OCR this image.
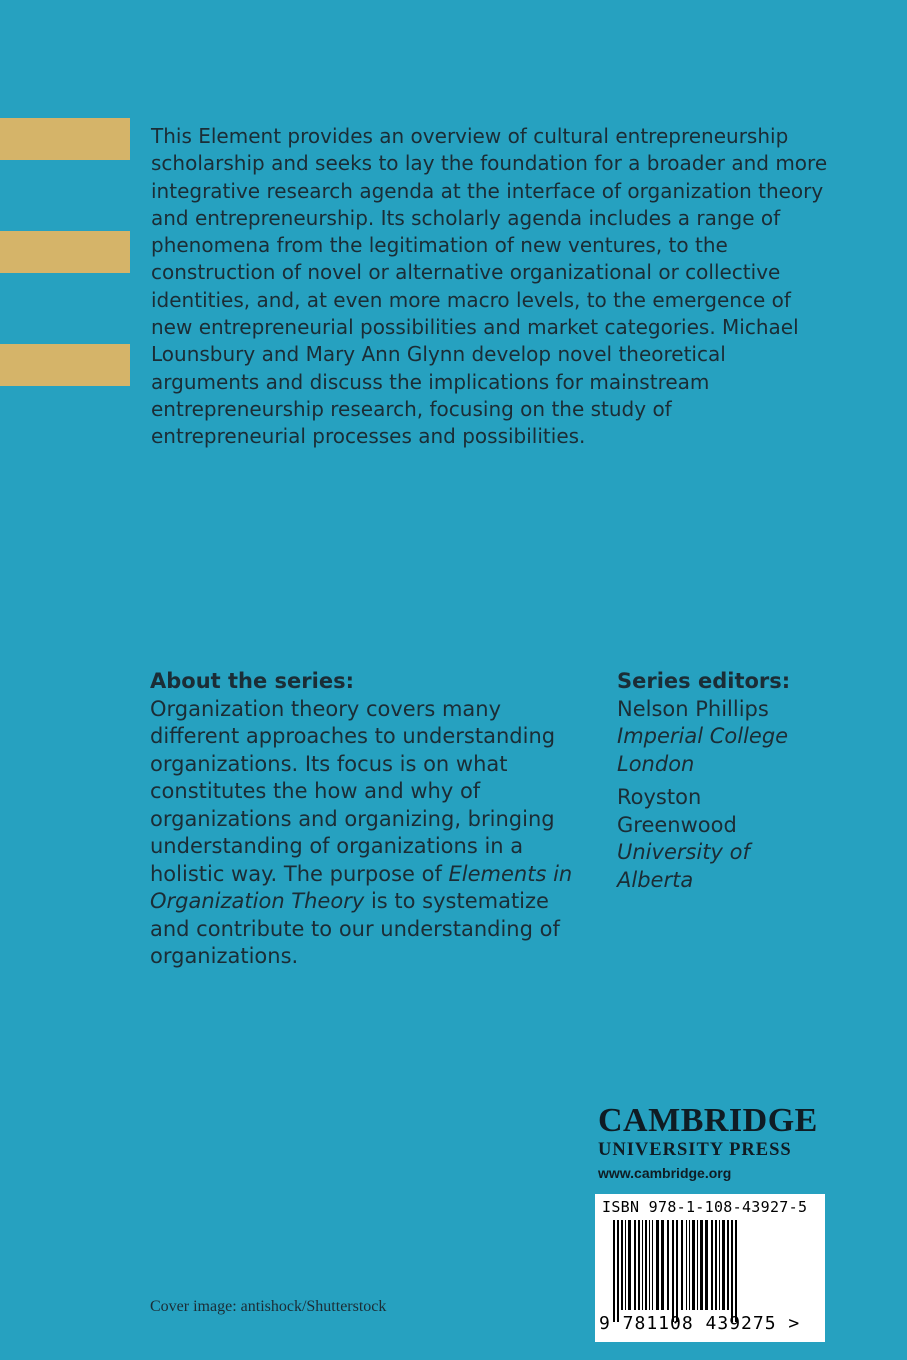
This Element provides an overview of cultural entrepreneurship scholarship and seeks to lay the foundation for a broader and more integrative research agenda at the interface of organization theory and entrepreneurship. Its scholarly agenda includes a range of phenomena from the legitimation of new ventures, to the construction of novel or alternative organizational or collective identities, and, at even more macro levels, to the emergence of new entrepreneurial possibilities and market categories. Michael Lounsbury and Mary Ann Glynn develop novel theoretical arguments and discuss the implications for mainstream entrepreneurship research, focusing on the study of entrepreneurial processes and possibilities.

About the series:

Organization theory covers many different approaches to understanding organizations. Its focus is on what constitutes the how and why of organizations and organizing, bringing understanding of organizations in a holistic way. The purpose of Elements in Organization Theory is to systematize and contribute to our understanding of organizations.

Series editors:

Nelson Phillips

Imperial College London

Royston Greenwood

University of Alberta

CAMBRIDGE

UNIVERSITY PRESS

www.cambridge.org

ISBN 978-1-108-43927-5
9 781108 439275 >
Cover image: antishock/Shutterstock
